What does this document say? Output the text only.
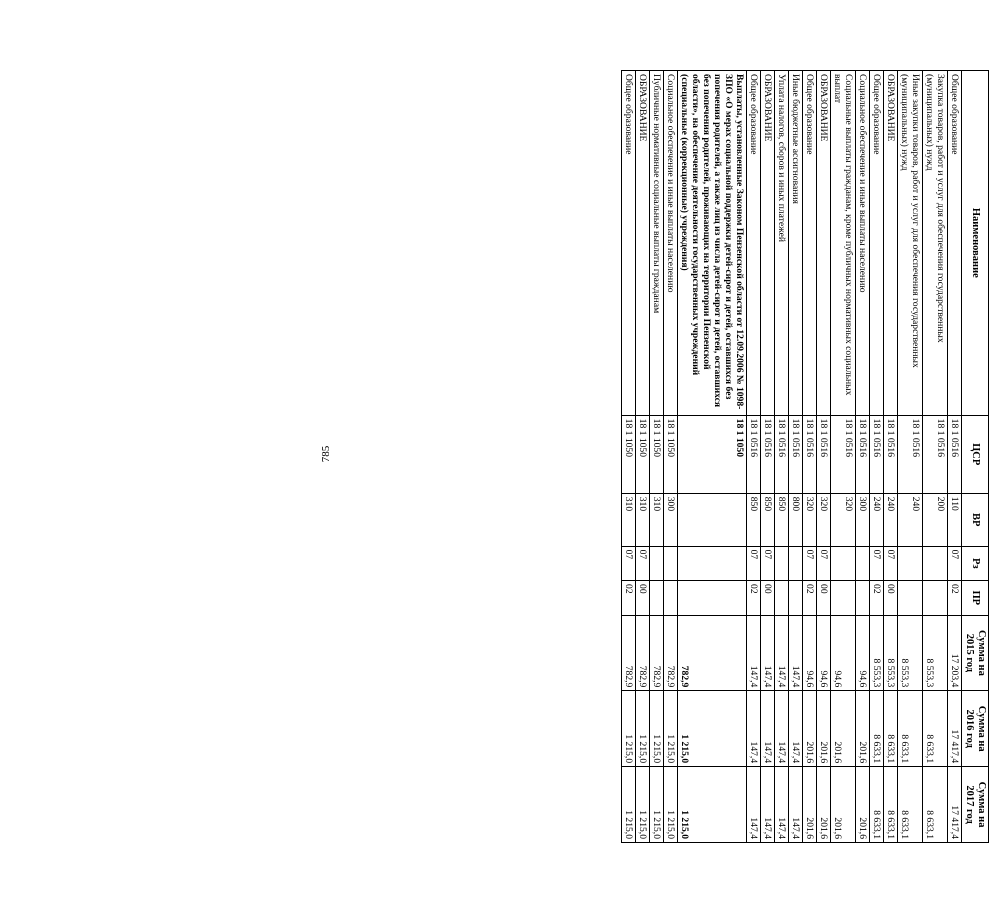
785
Наименование	ЦСР	ВР	Рз	ПР	Сумма на 2015 год	Сумма на 2016 год	Сумма на 2017 год
Общее образование	18 1 0516	110	07	02	17 203,4	17 417,4	17 417,4
Закупка товаров, работ и услуг для обеспечения государственных (муниципальных) нужд	18 1 0516	200			8 553,3	8 633,1	8 633,1
Иные закупки товаров, работ и услуг для обеспечения государственных (муниципальных) нужд	18 1 0516	240			8 553,3	8 633,1	8 633,1
ОБРАЗОВАНИЕ	18 1 0516	240	07	00	8 553,3	8 633,1	8 633,1
Общее образование	18 1 0516	240	07	02	8 553,3	8 633,1	8 633,1
Социальное обеспечение и иные выплаты населению	18 1 0516	300			94,6	201,6	201,6
Социальные выплаты гражданам, кроме публичных нормативных социальных выплат	18 1 0516	320			94,6	201,6	201,6
ОБРАЗОВАНИЕ	18 1 0516	320	07	00	94,6	201,6	201,6
Общее образование	18 1 0516	320	07	02	94,6	201,6	201,6
Иные бюджетные ассигнования	18 1 0516	800			147,4	147,4	147,4
Уплата налогов, сборов и иных платежей	18 1 0516	850			147,4	147,4	147,4
ОБРАЗОВАНИЕ	18 1 0516	850	07	00	147,4	147,4	147,4
Общее образование	18 1 0516	850	07	02	147,4	147,4	147,4
Выплаты, установленные Законом Пензенской области от 12.09.2006 № 1098-ЗПО «О мерах социальной поддержки детей-сирот и детей, оставшихся без попечения родителей, а также лиц из числа детей-сирот и детей, оставшихся без попечения родителей, проживающих на территории Пензенской области», на обеспечение деятельности государственных учреждений (специальные (коррекционные) учреждения)	18 1 1050				782,9	1 215,0	1 215,0
Социальное обеспечение и иные выплаты населению	18 1 1050	300			782,9	1 215,0	1 215,0
Публичные нормативные социальные выплаты гражданам	18 1 1050	310			782,9	1 215,0	1 215,0
ОБРАЗОВАНИЕ	18 1 1050	310	07	00	782,9	1 215,0	1 215,0
Общее образование	18 1 1050	310	07	02	782,9	1 215,0	1 215,0
